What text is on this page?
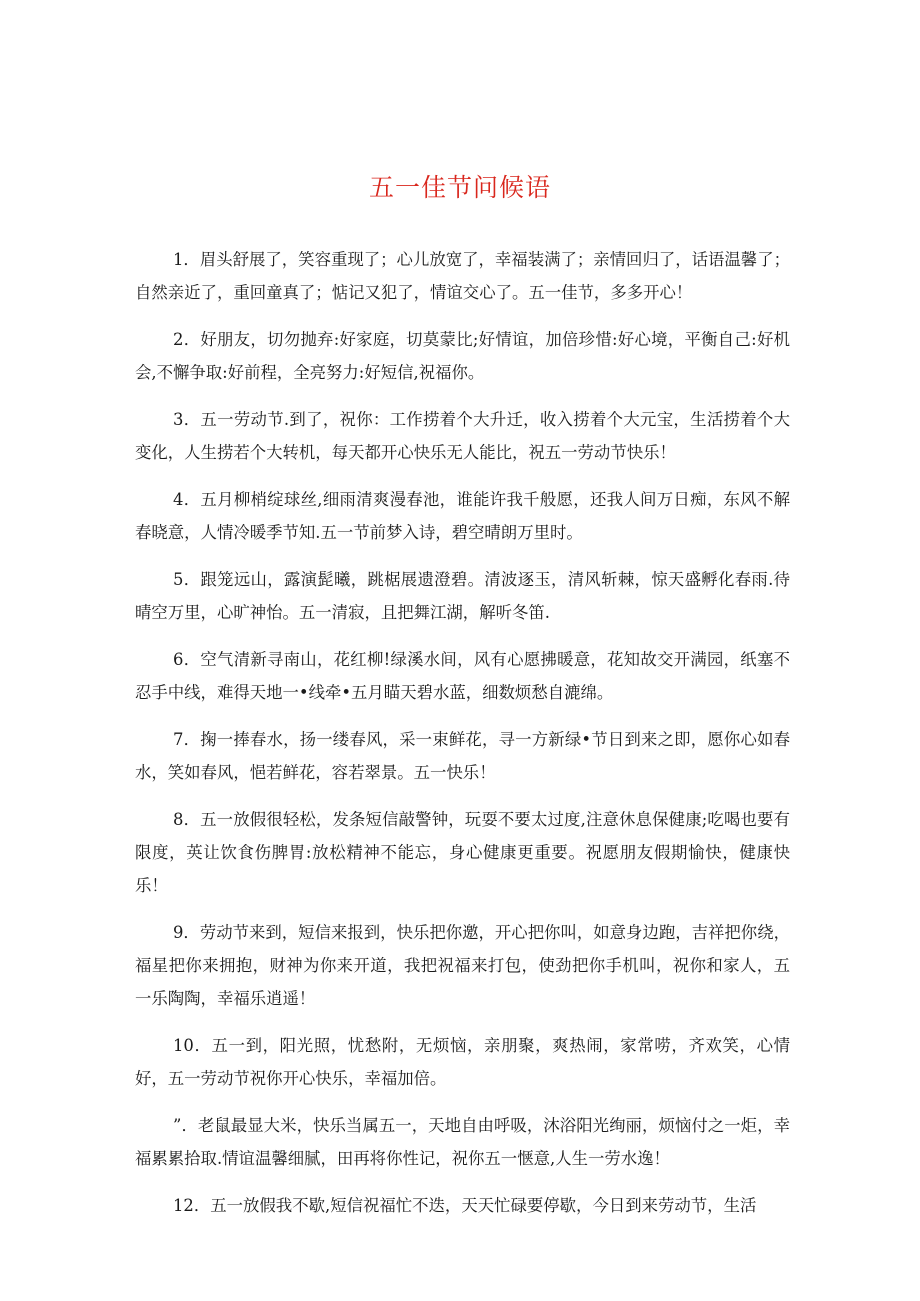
五一佳节问候语

1．眉头舒展了，笑容重现了；心儿放宽了，幸福装满了；亲情回归了，话语温馨了；自然亲近了，重回童真了；惦记又犯了，情谊交心了。五一佳节，多多开心！

2．好朋友，切勿抛弃:好家庭，切莫蒙比;好情谊，加倍珍惜:好心境，平衡自己:好机会,不懈争取:好前程，全亮努力:好短信,祝福你。

3．五一劳动节.到了，祝你：工作捞着个大升迁，收入捞着个大元宝，生活捞着个大变化，人生捞若个大转机，每天都开心快乐无人能比，祝五一劳动节快乐！

4．五月柳梢绽球丝,细雨清爽漫春池，谁能许我千般愿，还我人间万日痴，东风不解春晓意，人情冷暖季节知.五一节前梦入诗，碧空晴朗万里时。

5．跟笼远山，露演髭曦，跳椐展遗澄碧。清波逐玉，清风斩棘，惊天盛孵化春雨.待晴空万里，心旷神怡。五一清寂，且把舞江湖，解听冬笛.

6．空气清新寻南山，花红柳!绿溪水间，风有心愿拂暖意，花知故交开满园，纸塞不忍手中线，难得天地一•线牵•五月瞄天碧水蓝，细数烦愁自漉绵。

7．掬一捧春水，扬一缕春风，采一束鲜花，寻一方新绿•节日到来之即，愿你心如春水，笑如春风，悒若鲜花，容若翠景。五一快乐！

8．五一放假很轻松，发条短信敲警钟，玩耍不要太过度,注意休息保健康;吃喝也要有限度，英让饮食伤脾胃:放松精神不能忘，身心健康更重要。祝愿朋友假期愉快，健康快乐！

9．劳动节来到，短信来报到，快乐把你邀，开心把你叫，如意身边跑，吉祥把你绕，福星把你来拥抱，财神为你来开道，我把祝福来打包，使劲把你手机叫，祝你和家人，五一乐陶陶，幸福乐逍遥！

10．五一到，阳光照，忧愁附，无烦恼，亲朋聚，爽热闹，家常唠，齐欢笑，心情好，五一劳动节祝你开心快乐，幸福加倍。

”．老鼠最显大米，快乐当属五一，天地自由呼吸，沐浴阳光绚丽，烦恼付之一炬，幸福累累拾取.情谊温馨细腻，田再将你性记，祝你五一惬意,人生一劳水逸！

12．五一放假我不歇,短信祝福忙不迭，天天忙碌要停歇，今日到来劳动节，生活
